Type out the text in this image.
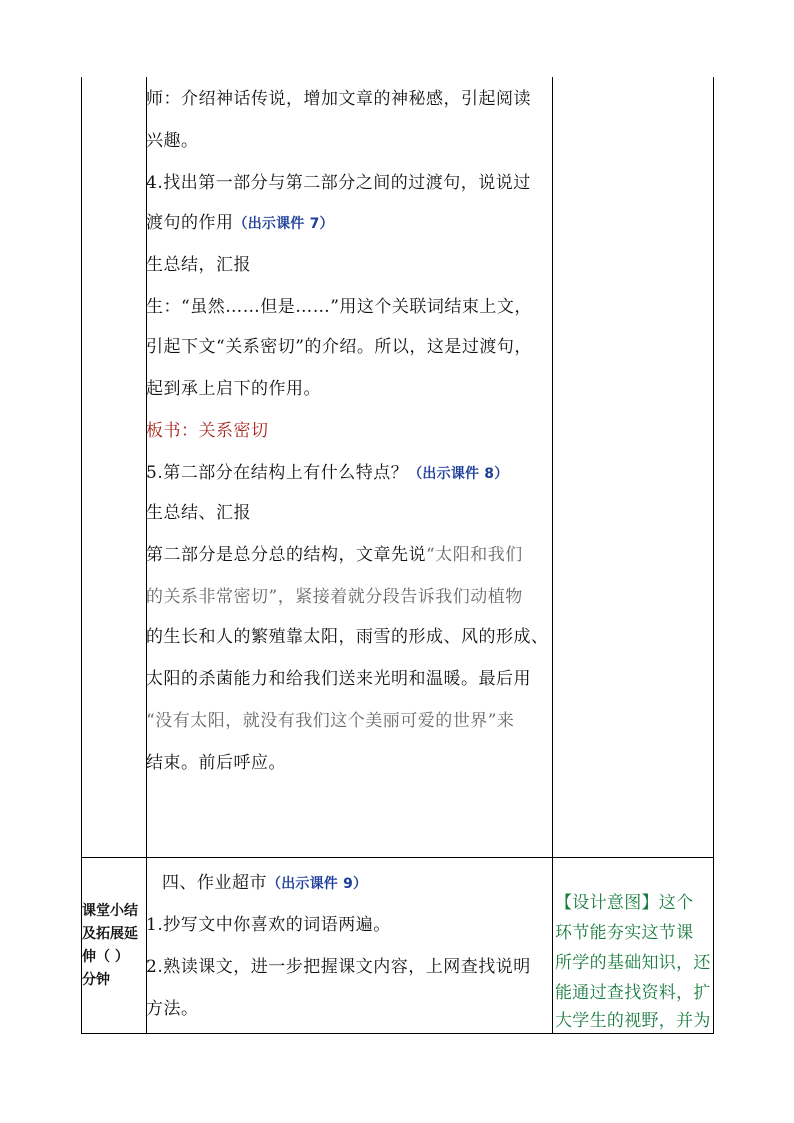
师：介绍神话传说，增加文章的神秘感，引起阅读
兴趣。
4.找出第一部分与第二部分之间的过渡句，说说过
渡句的作用（出示课件 7）
生总结，汇报
生：“虽然……但是……”用这个关联词结束上文，
引起下文“关系密切”的介绍。所以，这是过渡句，
起到承上启下的作用。
板书：关系密切
5.第二部分在结构上有什么特点？（出示课件 8）
生总结、汇报
第二部分是总分总的结构，文章先说“太阳和我们
的关系非常密切”，紧接着就分段告诉我们动植物
的生长和人的繁殖靠太阳，雨雪的形成、风的形成、
太阳的杀菌能力和给我们送来光明和温暖。最后用
“没有太阳，就没有我们这个美丽可爱的世界”来
结束。前后呼应。
课堂小结
及拓展延
伸（ ）
分钟
四、作业超市（出示课件 9）
1.抄写文中你喜欢的词语两遍。
2.熟读课文，进一步把握课文内容，上网查找说明
方法。
【设计意图】这个
环节能夯实这节课
所学的基础知识，还
能通过查找资料，扩
大学生的视野，并为
